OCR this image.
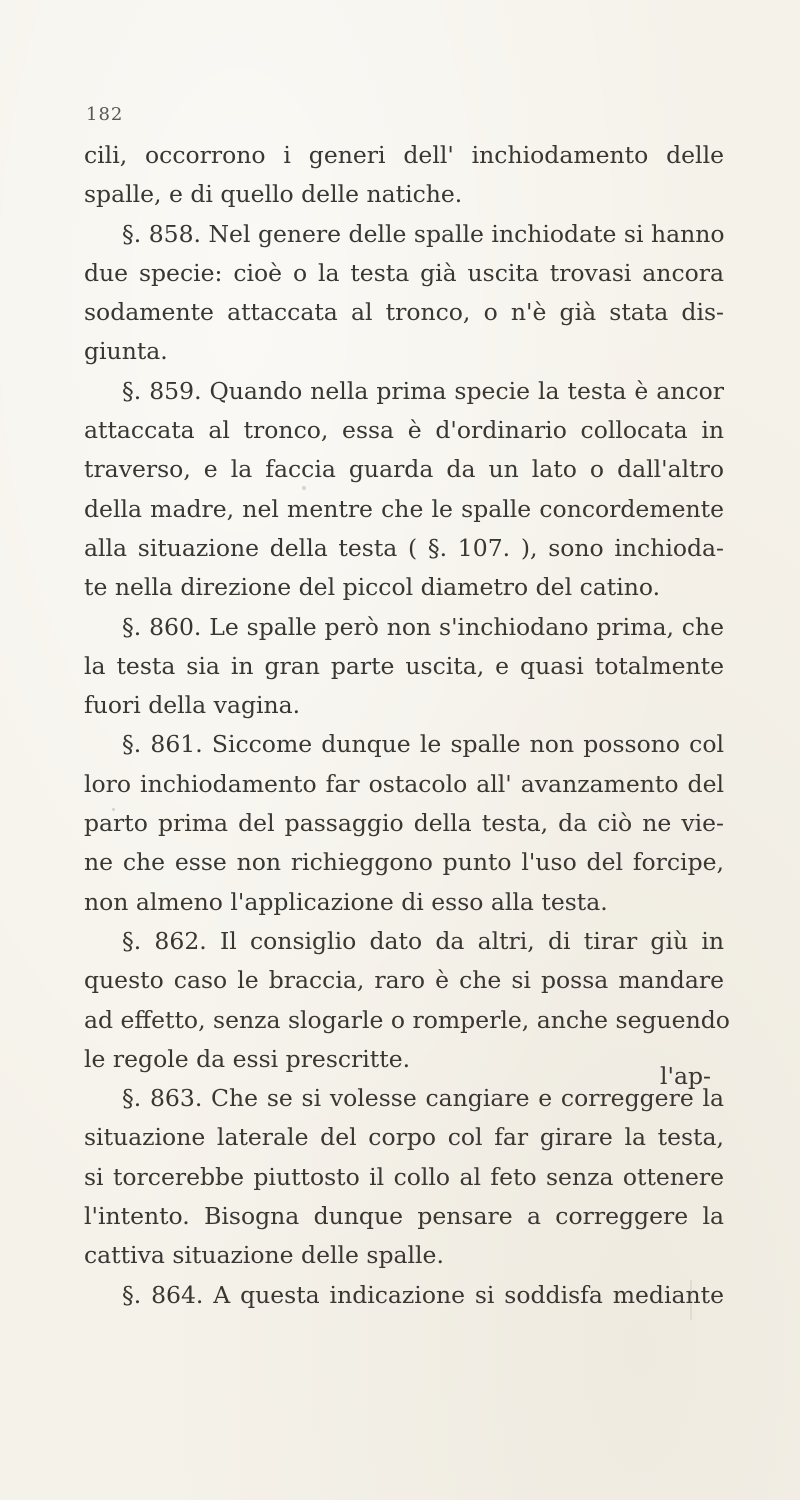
182
cili, occorrono i generi dell' inchiodamento delle
spalle, e di quello delle natiche.
§. 858. Nel genere delle spalle inchiodate si hanno
due specie: cioè o la testa già uscita trovasi ancora
sodamente attaccata al tronco, o n'è già stata dis-
giunta.
§. 859. Quando nella prima specie la testa è ancor
attaccata al tronco, essa è d'ordinario collocata in
traverso, e la faccia guarda da un lato o dall'altro
della madre, nel mentre che le spalle concordemente
alla situazione della testa ( §. 107. ), sono inchioda-
te nella direzione del piccol diametro del catino.
§. 860. Le spalle però non s'inchiodano prima, che
la testa sia in gran parte uscita, e quasi totalmente
fuori della vagina.
§. 861. Siccome dunque le spalle non possono col
loro inchiodamento far ostacolo all' avanzamento del
parto prima del passaggio della testa, da ciò ne vie-
ne che esse non richieggono punto l'uso del forcipe,
non almeno l'applicazione di esso alla testa.
§. 862. Il consiglio dato da altri, di tirar giù in
questo caso le braccia, raro è che si possa mandare
ad effetto, senza slogarle o romperle, anche seguendo
le regole da essi prescritte.
§. 863. Che se si volesse cangiare e correggere la
situazione laterale del corpo col far girare la testa,
si torcerebbe piuttosto il collo al feto senza ottenere
l'intento. Bisogna dunque pensare a correggere la
cattiva situazione delle spalle.
§. 864. A questa indicazione si soddisfa mediante
l'ap-
